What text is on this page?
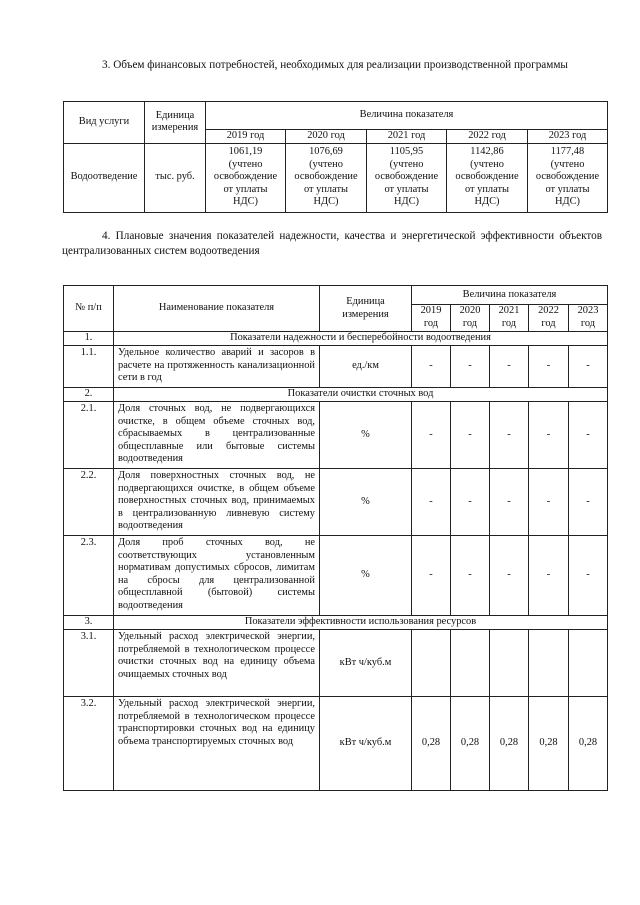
3. Объем финансовых потребностей, необходимых для реализации производственной программы
Вид услуги	Единица измерения	Величина показателя				
		2019 год	2020 год	2021 год	2022 год	2023 год
Водоотведение	тыс. руб.	1061,19
(учтено
освобождение
от уплаты
НДС)	1076,69
(учтено
освобождение
от уплаты
НДС)	1105,95
(учтено
освобождение
от уплаты
НДС)	1142,86
(учтено
освобождение
от уплаты
НДС)	1177,48
(учтено
освобождение
от уплаты
НДС)
4. Плановые значения показателей надежности, качества и энергетической эффективности объектов централизованных систем водоотведения
№ п/п	Наименование показателя	Единица измерения	Величина показателя				
			2019 год	2020 год	2021 год	2022 год	2023 год
1.	Показатели надежности и бесперебойности водоотведения						
1.1.	Удельное количество аварий и засоров в расчете на протяженность канализационной сети в год	ед./км	-	-	-	-	-
2.	Показатели очистки сточных вод						
2.1.	Доля сточных вод, не подвергающихся очистке, в общем объеме сточных вод, сбрасываемых в централизованные общесплавные или бытовые системы водоотведения	%	-	-	-	-	-
2.2.	Доля поверхностных сточных вод, не подвергающихся очистке, в общем объеме поверхностных сточных вод, принимаемых в централизованную ливневую систему водоотведения	%	-	-	-	-	-
2.3.	Доля проб сточных вод, не соответствующих установленным нормативам допустимых сбросов, лимитам на сбросы для централизованной общесплавной (бытовой) системы водоотведения	%	-	-	-	-	-
3.	Показатели эффективности использования ресурсов						
3.1.	Удельный расход электрической энергии, потребляемой в технологическом процессе очистки сточных вод на единицу объема очищаемых сточных вод	кВт ч/куб.м					
3.2.	Удельный расход электрической энергии, потребляемой в технологическом процессе транспортировки сточных вод на единицу объема транспортируемых сточных вод	кВт ч/куб.м	0,28	0,28	0,28	0,28	0,28
